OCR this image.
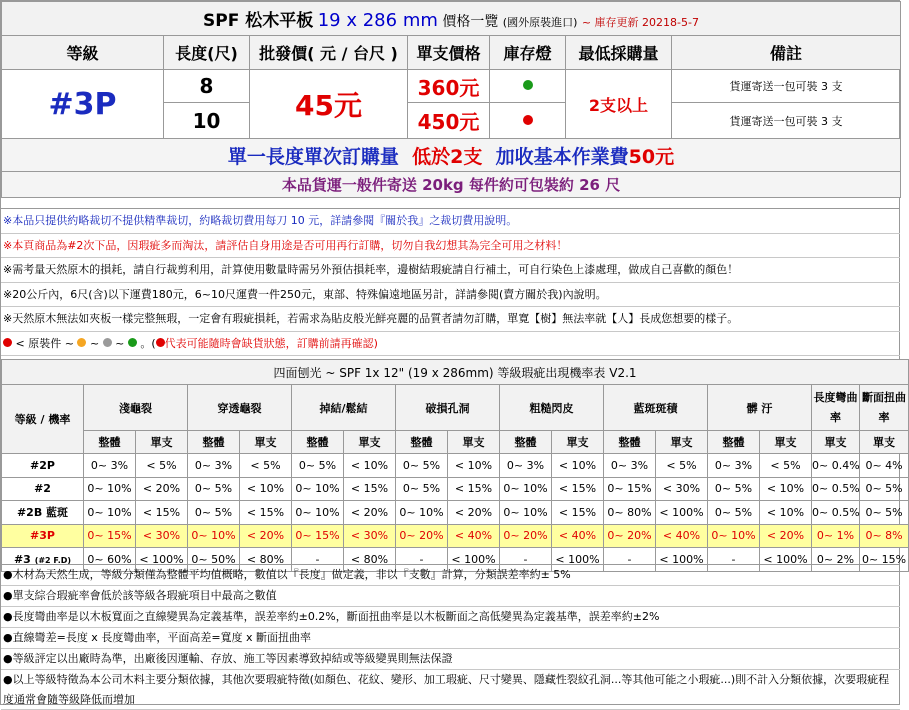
SPF 松木平板 19 x 286 mm 價格一覽 (國外原裝進口) ~ 庫存更新 20218-5-7						
等級	長度(尺)	批發價( 元 / 台尺 )	單支價格	庫存燈	最低採購量	備註
#3P	8	45元	360元		2支以上	貨運寄送一包可裝 3 支
	10		450元			貨運寄送一包可裝 3 支
單一長度單次訂購量 低於2支 加收基本作業費50元						
本品貨運一般件寄送 20kg 每件約可包裝約 26 尺						
※本品只提供約略裁切不提供精準裁切，約略裁切費用每刀 10 元，詳請參閱『關於我』之裁切費用說明。
※本頁商品為#2次下品，因瑕疵多而淘汰，請評估自身用途是否可用再行訂購，切勿自我幻想其為完全可用之材料！
※需考量天然原木的損耗，請自行裁剪利用，計算使用數量時需另外預估損耗率，邊樹結瑕疵請自行補土，可自行染色上漆處理，做成自己喜歡的顏色！
※20公斤內，6尺(含)以下運費180元，6~10尺運費一件250元，東部、特殊偏遠地區另計，詳請參閱(賣方關於我)內說明。
※天然原木無法如夾板一樣完整無瑕，一定會有瑕疵損耗，若需求為貼皮般光鮮亮麗的品質者請勿訂購，單寛【樹】無法率就【人】長成您想要的樣子。
< 原裝件 ~ ~ ~ 。( 代表可能隨時會缺貨狀態，訂購前請再確認)
四面刨光 ~ SPF 1x 12" (19 x 286mm) 等級瑕疵出現機率表 V2.1																
等級 / 機率	淺龜裂		穿透龜裂		掉結/鬆結		破損孔洞		粗糙閃皮		藍斑斑積		髒 汙		長度彎曲率	斷面扭曲率
	整體	單支	整體	單支	整體	單支	整體	單支	整體	單支	整體	單支	整體	單支	單支	單支
#2P	0~ 3%	< 5%	0~ 3%	< 5%	0~ 5%	< 10%	0~ 5%	< 10%	0~ 3%	< 10%	0~ 3%	< 5%	0~ 3%	< 5%	0~ 0.4%	0~ 4%
#2	0~ 10%	< 20%	0~ 5%	< 10%	0~ 10%	< 15%	0~ 5%	< 15%	0~ 10%	< 15%	0~ 15%	< 30%	0~ 5%	< 10%	0~ 0.5%	0~ 5%
#2B 藍斑	0~ 10%	< 15%	0~ 5%	< 15%	0~ 10%	< 20%	0~ 10%	< 20%	0~ 10%	< 15%	0~ 80%	< 100%	0~ 5%	< 10%	0~ 0.5%	0~ 5%
#3P	0~ 15%	< 30%	0~ 10%	< 20%	0~ 15%	< 30%	0~ 20%	< 40%	0~ 20%	< 40%	0~ 20%	< 40%	0~ 10%	< 20%	0~ 1%	0~ 8%
#3 (#2 F.D)	0~ 60%	< 100%	0~ 50%	< 80%	-	< 80%	-	< 100%	-	< 100%	-	< 100%	-	< 100%	0~ 2%	0~ 15%
●木材為天然生成，等級分類僅為整體平均值概略，數值以『長度』做定義，非以『支數』計算，分類誤差率約± 5%
●單支綜合瑕疵率會低於該等級各瑕疵項目中最高之數值
●長度彎曲率是以木板寬面之直線變異為定義基準，誤差率約±0.2%，斷面扭曲率是以木板斷面之高低變異為定義基準，誤差率約±2%
●直線彎差=長度 x 長度彎曲率，平面高差=寬度 x 斷面扭曲率
●等級評定以出廠時為準，出廠後因運輸、存放、施工等因素導致掉結或等級變異則無法保證
●以上等級特徵為本公司木料主要分類依據，其他次要瑕疵特徵(如顏色、花紋、變形、加工瑕疵、尺寸變異、隱藏性裂紋孔洞...等其他可能之小瑕疵...)則不計入分類依據，次要瑕疵程度通常會隨等級降低而增加
